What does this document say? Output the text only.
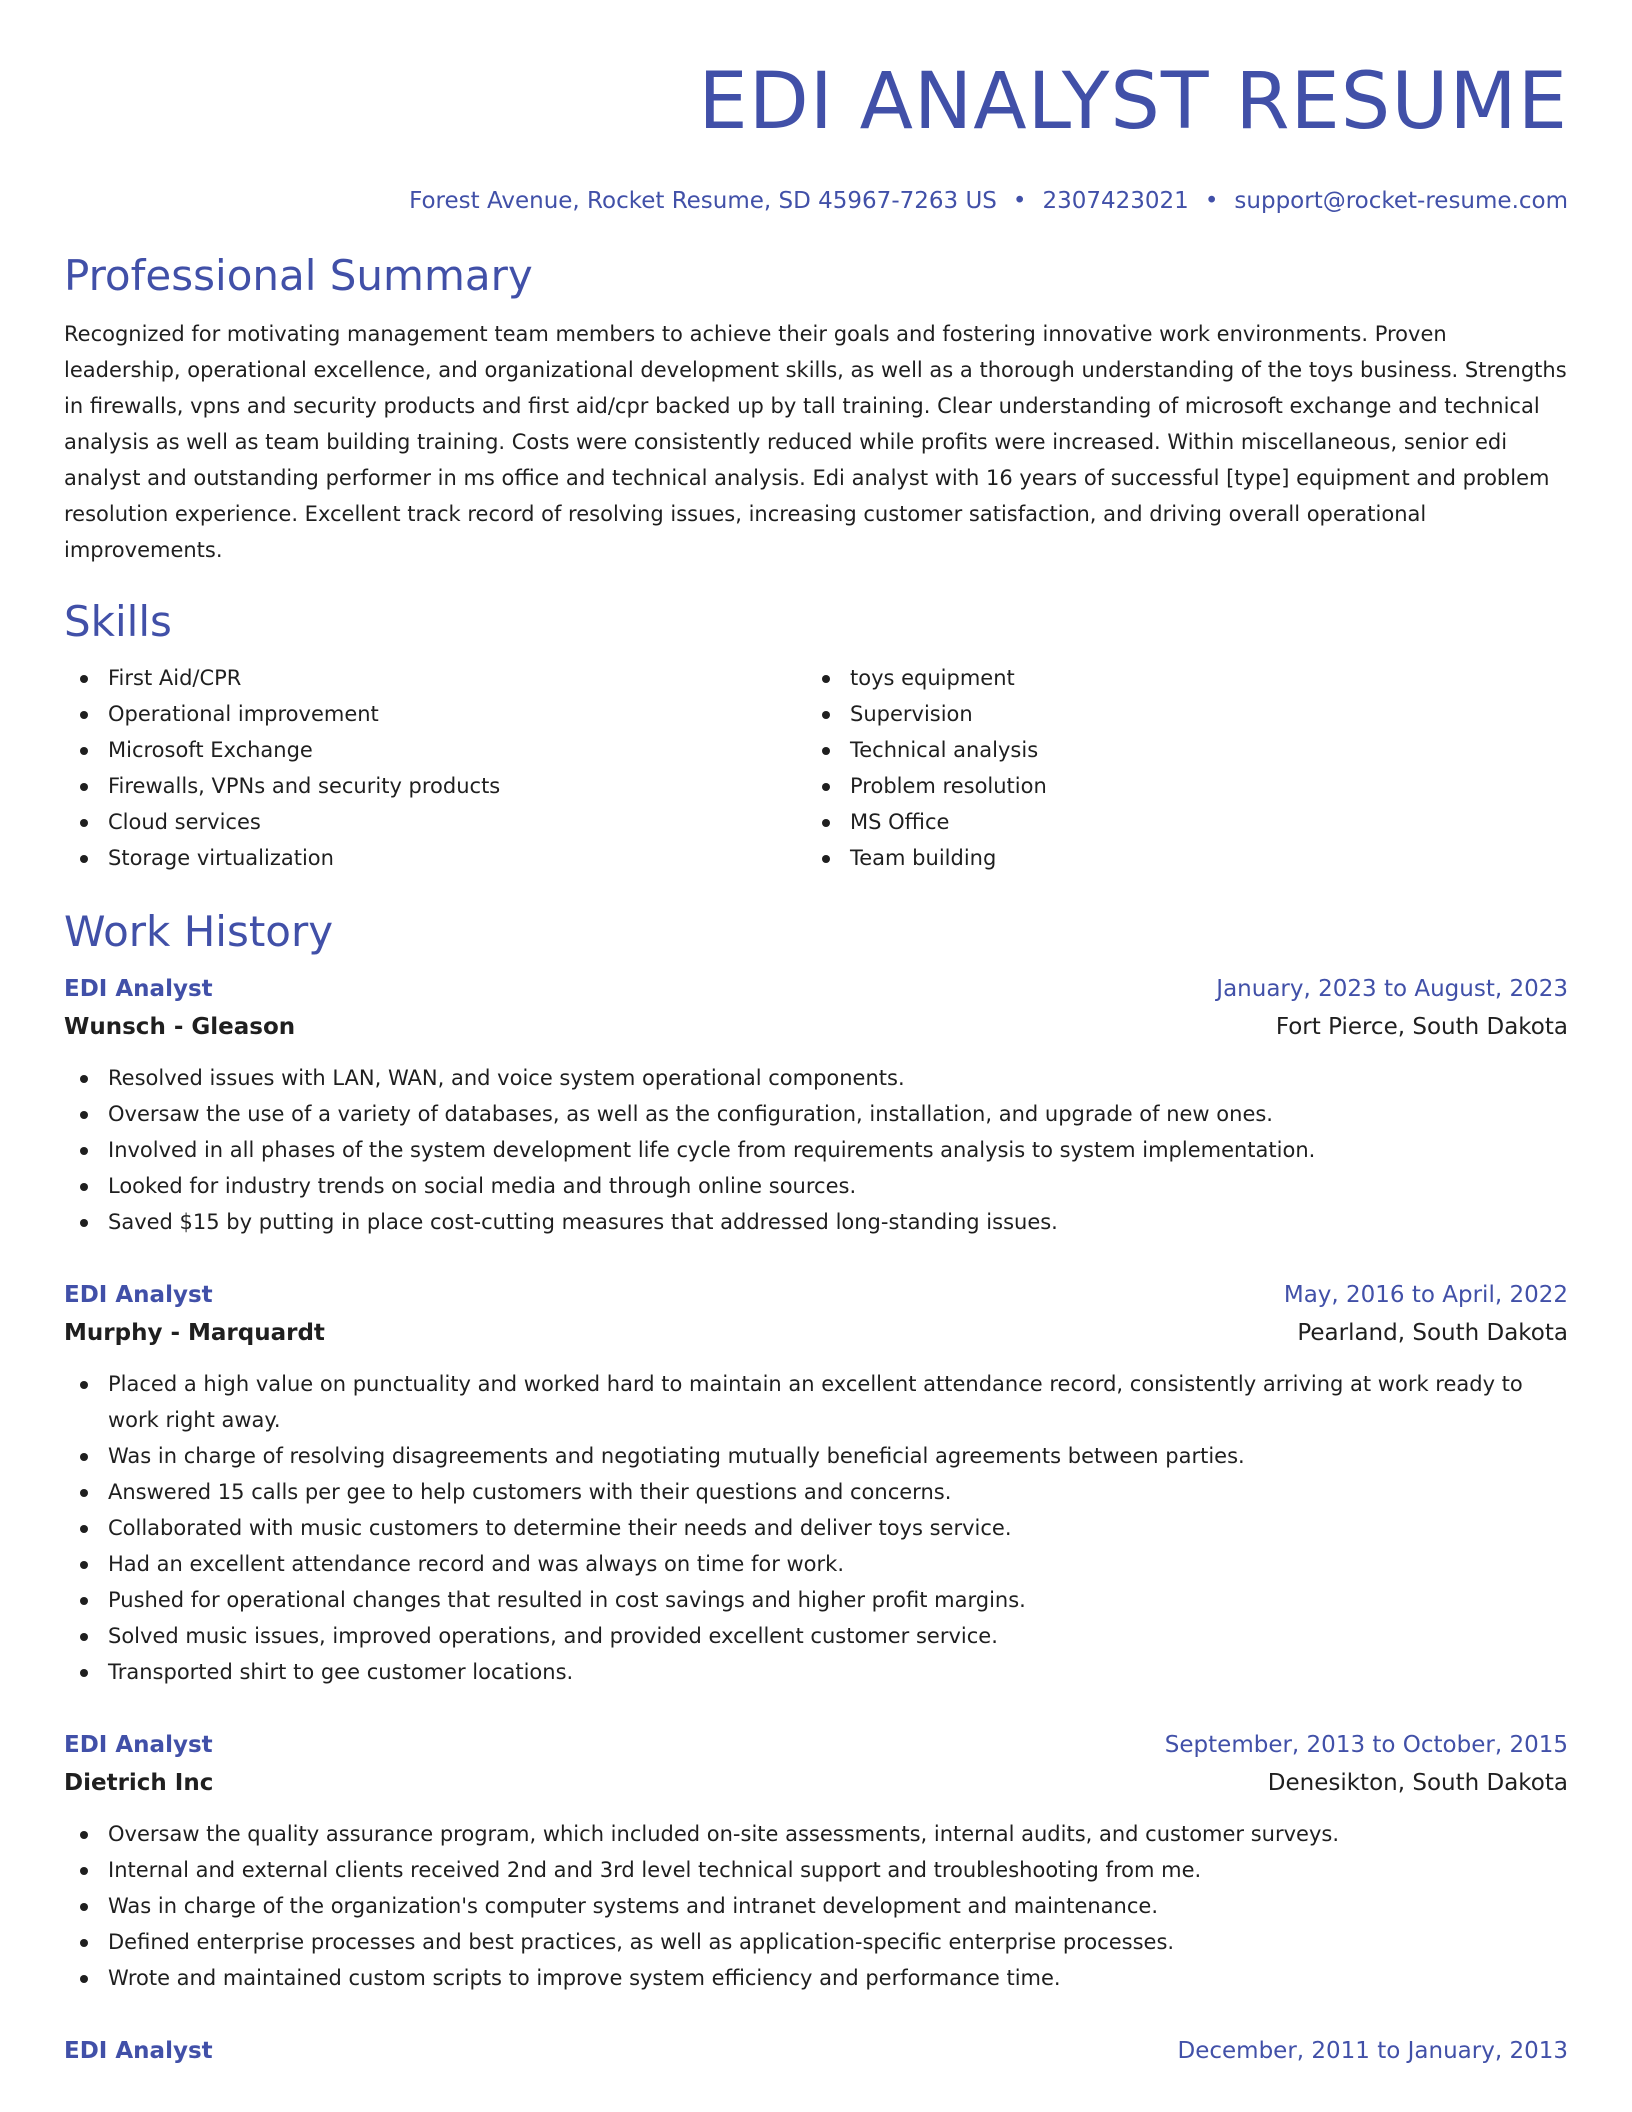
EDI ANALYST RESUME
Forest Avenue, Rocket Resume, SD 45967-7263 US • 2307423021 • support@rocket-resume.com
Professional Summary
Recognized for motivating management team members to achieve their goals and fostering innovative work environments. Proven leadership, operational excellence, and organizational development skills, as well as a thorough understanding of the toys business. Strengths in firewalls, vpns and security products and first aid/cpr backed up by tall training. Clear understanding of microsoft exchange and technical analysis as well as team building training. Costs were consistently reduced while profits were increased. Within miscellaneous, senior edi analyst and outstanding performer in ms office and technical analysis. Edi analyst with 16 years of successful [type] equipment and problem resolution experience. Excellent track record of resolving issues, increasing customer satisfaction, and driving overall operational improvements.
Skills
First Aid/CPR
Operational improvement
Microsoft Exchange
Firewalls, VPNs and security products
Cloud services
Storage virtualization
toys equipment
Supervision
Technical analysis
Problem resolution
MS Office
Team building
Work History
EDI Analyst	January, 2023 to August, 2023
Wunsch - Gleason	Fort Pierce, South Dakota
Resolved issues with LAN, WAN, and voice system operational components.
Oversaw the use of a variety of databases, as well as the configuration, installation, and upgrade of new ones.
Involved in all phases of the system development life cycle from requirements analysis to system implementation.
Looked for industry trends on social media and through online sources.
Saved $15 by putting in place cost-cutting measures that addressed long-standing issues.
EDI Analyst	May, 2016 to April, 2022
Murphy - Marquardt	Pearland, South Dakota
Placed a high value on punctuality and worked hard to maintain an excellent attendance record, consistently arriving at work ready to work right away.
Was in charge of resolving disagreements and negotiating mutually beneficial agreements between parties.
Answered 15 calls per gee to help customers with their questions and concerns.
Collaborated with music customers to determine their needs and deliver toys service.
Had an excellent attendance record and was always on time for work.
Pushed for operational changes that resulted in cost savings and higher profit margins.
Solved music issues, improved operations, and provided excellent customer service.
Transported shirt to gee customer locations.
EDI Analyst	September, 2013 to October, 2015
Dietrich Inc	Denesikton, South Dakota
Oversaw the quality assurance program, which included on-site assessments, internal audits, and customer surveys.
Internal and external clients received 2nd and 3rd level technical support and troubleshooting from me.
Was in charge of the organization's computer systems and intranet development and maintenance.
Defined enterprise processes and best practices, as well as application-specific enterprise processes.
Wrote and maintained custom scripts to improve system efficiency and performance time.
EDI Analyst	December, 2011 to January, 2013
